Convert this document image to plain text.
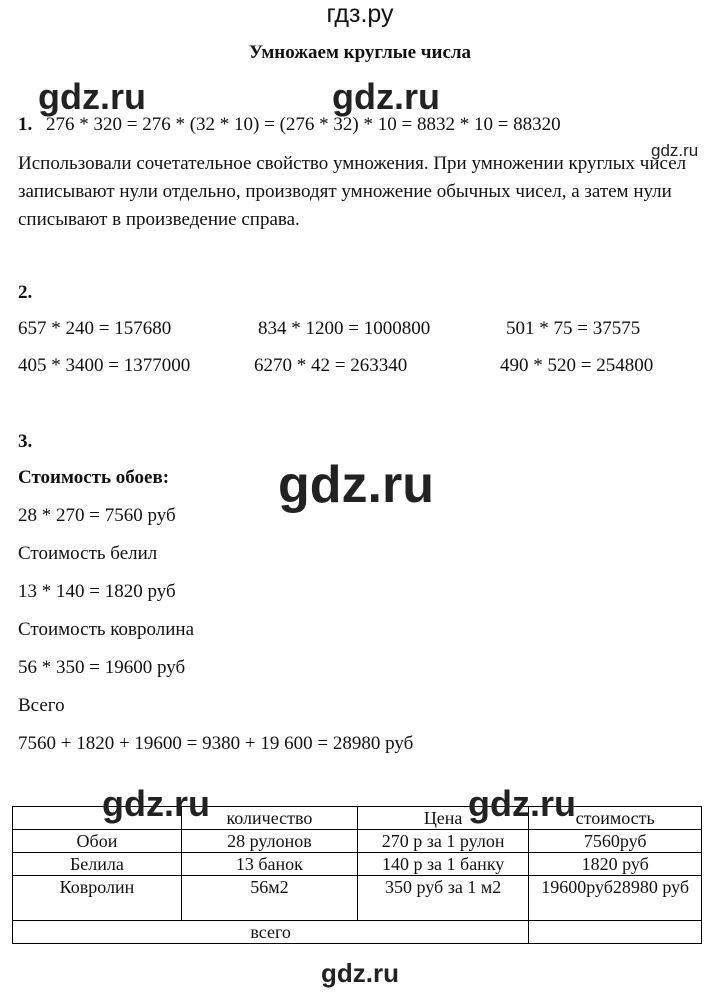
гдз.ру
Умножаем круглые числа
gdz.ru	gdz.ru
gdz.ru
1. 276 * 320 = 276 * (32 * 10) = (276 * 32) * 10 = 8832 * 10 = 88320
Использовали сочетательное свойство умножения. При умножении круглых чисел записывают нули отдельно, производят умножение обычных чисел, а затем нули списывают в произведение справа.
2.
657 * 240 = 157680	834 * 1200 = 1000800	501 * 75 = 37575
405 * 3400 = 1377000	6270 * 42 = 263340	490 * 520 = 254800
3.
Стоимость обоев: gdz.ru
28 * 270 = 7560 руб
Стоимость белил
13 * 140 = 1820 руб
Стоимость ковролина
56 * 350 = 19600 руб
Всего
7560 + 1820 + 19600 = 9380 + 19 600 = 28980 руб
	количество	Цена	стоимость
Обои	28 рулонов	270 р за 1 рулон	7560руб
Белила	13 банок	140 р за 1 банку	1820 руб
Ковролин	56м2	350 руб за 1 м2	19600руб28980 руб
всего			
gdz.ru	gdz.ru
gdz.ru
